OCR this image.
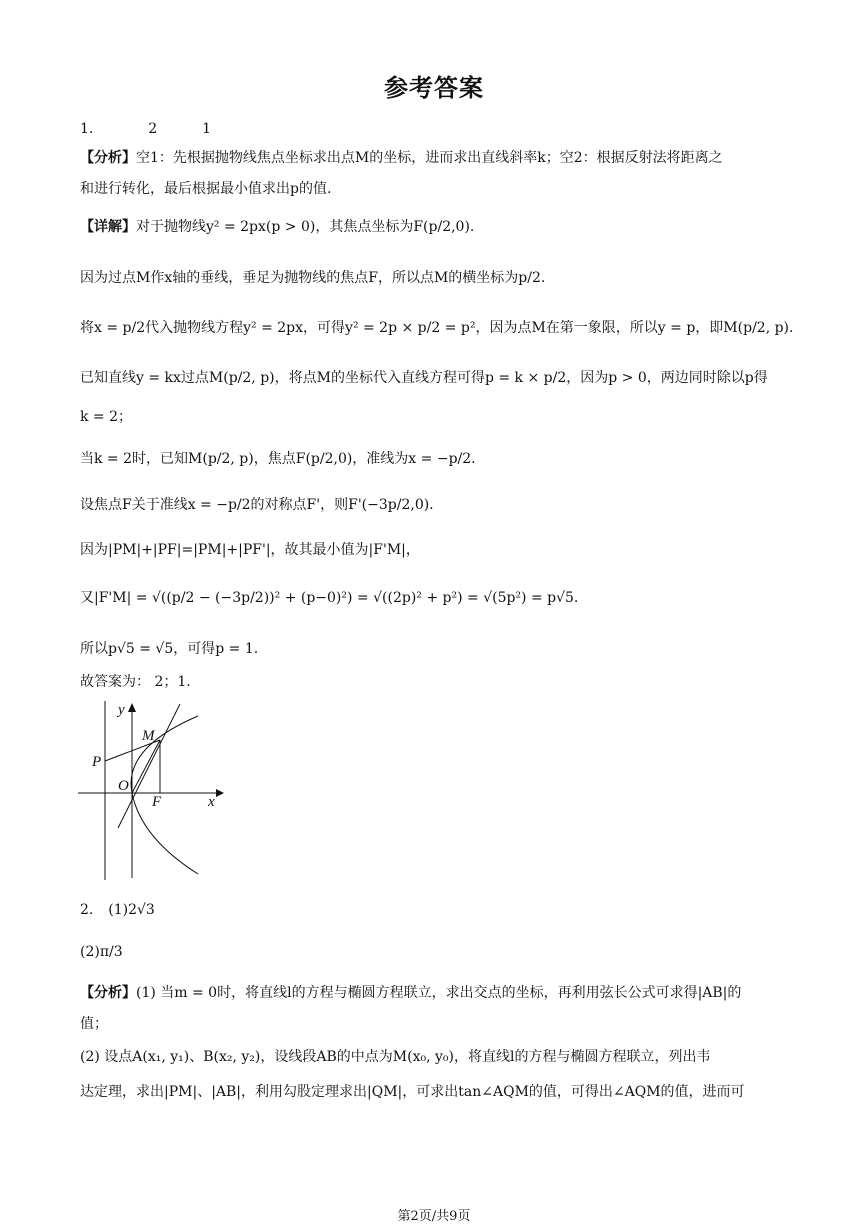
参考答案
1.	2	1
【分析】空1：先根据抛物线焦点坐标求出点M的坐标，进而求出直线斜率k；空2：根据反射法将距离之
和进行转化，最后根据最小值求出p的值.
【详解】对于抛物线y² = 2px(p > 0)，其焦点坐标为F(p/2,0).
因为过点M作x轴的垂线，垂足为抛物线的焦点F，所以点M的横坐标为p/2.
将x = p/2代入抛物线方程y² = 2px，可得y² = 2p × p/2 = p²，因为点M在第一象限，所以y = p，即M(p/2, p).
已知直线y = kx过点M(p/2, p)，将点M的坐标代入直线方程可得p = k × p/2，因为p > 0，两边同时除以p得
k = 2；
当k = 2时，已知M(p/2, p)，焦点F(p/2,0)，准线为x = −p/2.
设焦点F关于准线x = −p/2的对称点F'，则F'(−3p/2,0).
因为|PM|+|PF|=|PM|+|PF'|，故其最小值为|F'M|，
又|F'M| = √((p/2 − (−3p/2))² + (p−0)²) = √((2p)² + p²) = √(5p²) = p√5.
所以p√5 = √5，可得p = 1.
故答案为： 2；1.
y
x
M
P
O
F
2. (1)2√3
(2)π/3
【分析】(1) 当m = 0时，将直线l的方程与椭圆方程联立，求出交点的坐标，再利用弦长公式可求得|AB|的
值；
(2) 设点A(x₁, y₁)、B(x₂, y₂)，设线段AB的中点为M(x₀, y₀)，将直线l的方程与椭圆方程联立，列出韦
达定理，求出|PM|、|AB|，利用勾股定理求出|QM|，可求出tan∠AQM的值，可得出∠AQM的值，进而可
第2页/共9页
